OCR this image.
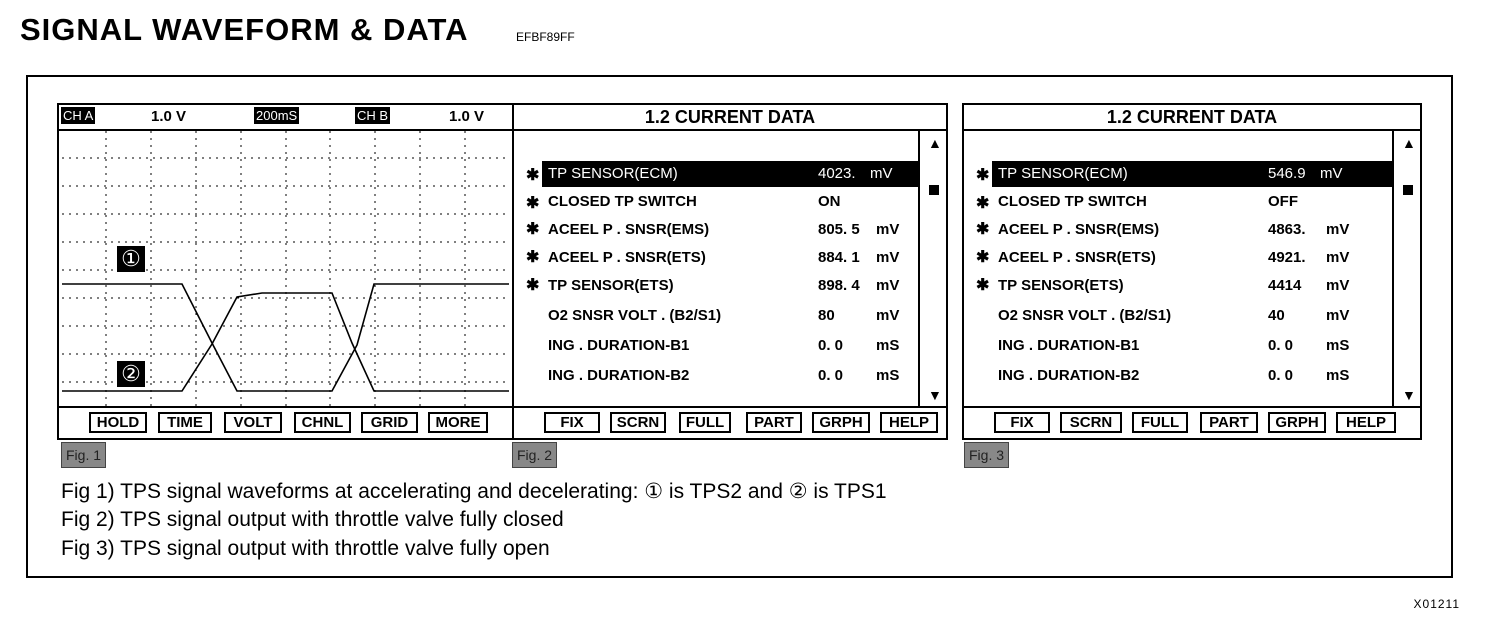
SIGNAL WAVEFORM & DATA	EFBF89FF
CH A	1.0 V	200mS	CH B	1.0 V
①
②
HOLD	TIME	VOLT	CHNL	GRID	MORE
Fig. 1
1.2 CURRENT DATA
✱
✱
✱
✱
✱
TP SENSOR(ECM)	4023. mV
CLOSED TP SWITCH	ON
ACEEL P . SNSR(EMS)	805. 5 mV
ACEEL P . SNSR(ETS)	884. 1 mV
TP SENSOR(ETS)	898. 4 mV
O2 SNSR VOLT . (B2/S1)	80	mV
ING . DURATION-B1	0. 0 mS
ING . DURATION-B2	0. 0 mS
▲
▼
FIX	SCRN	FULL	PART	GRPH	HELP
Fig. 2
1.2 CURRENT DATA
✱
✱
✱
✱
✱
TP SENSOR(ECM)	546.9 mV
CLOSED TP SWITCH	OFF
ACEEL P . SNSR(EMS)	4863. mV
ACEEL P . SNSR(ETS)	4921. mV
TP SENSOR(ETS)	4414 mV
O2 SNSR VOLT . (B2/S1)	40	mV
ING . DURATION-B1	0. 0 mS
ING . DURATION-B2	0. 0 mS
▲
▼
FIX	SCRN	FULL	PART	GRPH	HELP
Fig. 3
Fig 1) TPS signal waveforms at accelerating and decelerating: ① is TPS2 and ② is TPS1
Fig 2) TPS signal output with throttle valve fully closed
Fig 3) TPS signal output with throttle valve fully open
X01211
